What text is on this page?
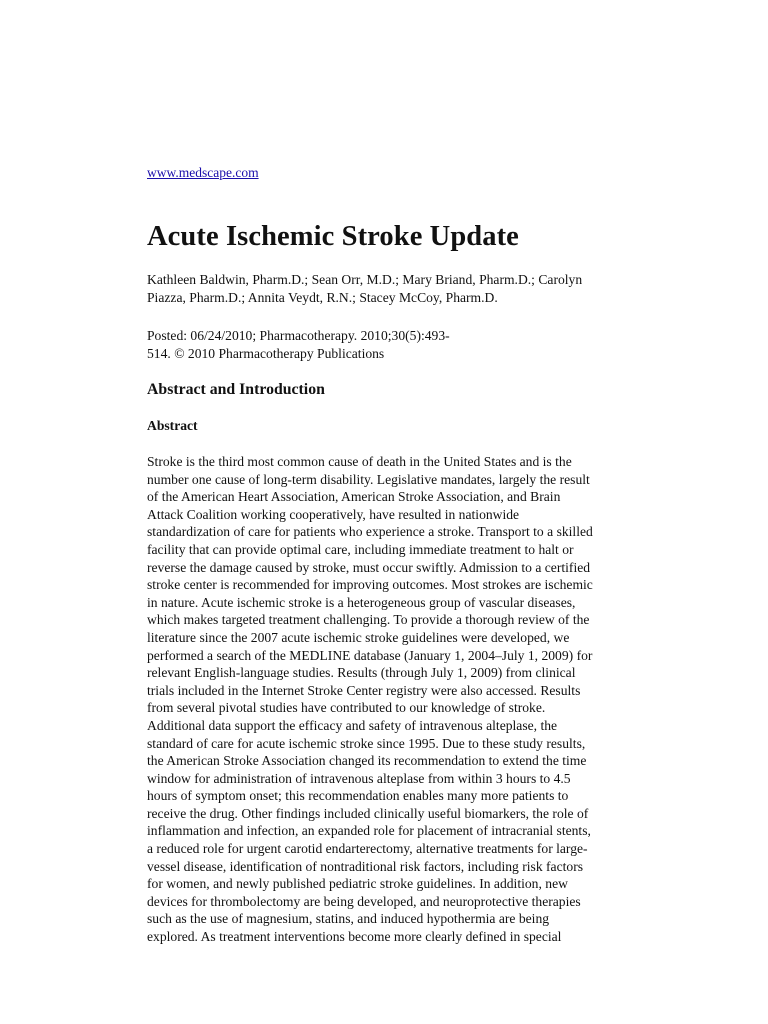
www.medscape.com
Acute Ischemic Stroke Update
Kathleen Baldwin, Pharm.D.; Sean Orr, M.D.; Mary Briand, Pharm.D.; Carolyn
Piazza, Pharm.D.; Annita Veydt, R.N.; Stacey McCoy, Pharm.D.
Posted: 06/24/2010; Pharmacotherapy. 2010;30(5):493-
514. © 2010 Pharmacotherapy Publications
Abstract and Introduction
Abstract
Stroke is the third most common cause of death in the United States and is the
number one cause of long-term disability. Legislative mandates, largely the result
of the American Heart Association, American Stroke Association, and Brain
Attack Coalition working cooperatively, have resulted in nationwide
standardization of care for patients who experience a stroke. Transport to a skilled
facility that can provide optimal care, including immediate treatment to halt or
reverse the damage caused by stroke, must occur swiftly. Admission to a certified
stroke center is recommended for improving outcomes. Most strokes are ischemic
in nature. Acute ischemic stroke is a heterogeneous group of vascular diseases,
which makes targeted treatment challenging. To provide a thorough review of the
literature since the 2007 acute ischemic stroke guidelines were developed, we
performed a search of the MEDLINE database (January 1, 2004–July 1, 2009) for
relevant English-language studies. Results (through July 1, 2009) from clinical
trials included in the Internet Stroke Center registry were also accessed. Results
from several pivotal studies have contributed to our knowledge of stroke.
Additional data support the efficacy and safety of intravenous alteplase, the
standard of care for acute ischemic stroke since 1995. Due to these study results,
the American Stroke Association changed its recommendation to extend the time
window for administration of intravenous alteplase from within 3 hours to 4.5
hours of symptom onset; this recommendation enables many more patients to
receive the drug. Other findings included clinically useful biomarkers, the role of
inflammation and infection, an expanded role for placement of intracranial stents,
a reduced role for urgent carotid endarterectomy, alternative treatments for large-
vessel disease, identification of nontraditional risk factors, including risk factors
for women, and newly published pediatric stroke guidelines. In addition, new
devices for thrombolectomy are being developed, and neuroprotective therapies
such as the use of magnesium, statins, and induced hypothermia are being
explored. As treatment interventions become more clearly defined in special
